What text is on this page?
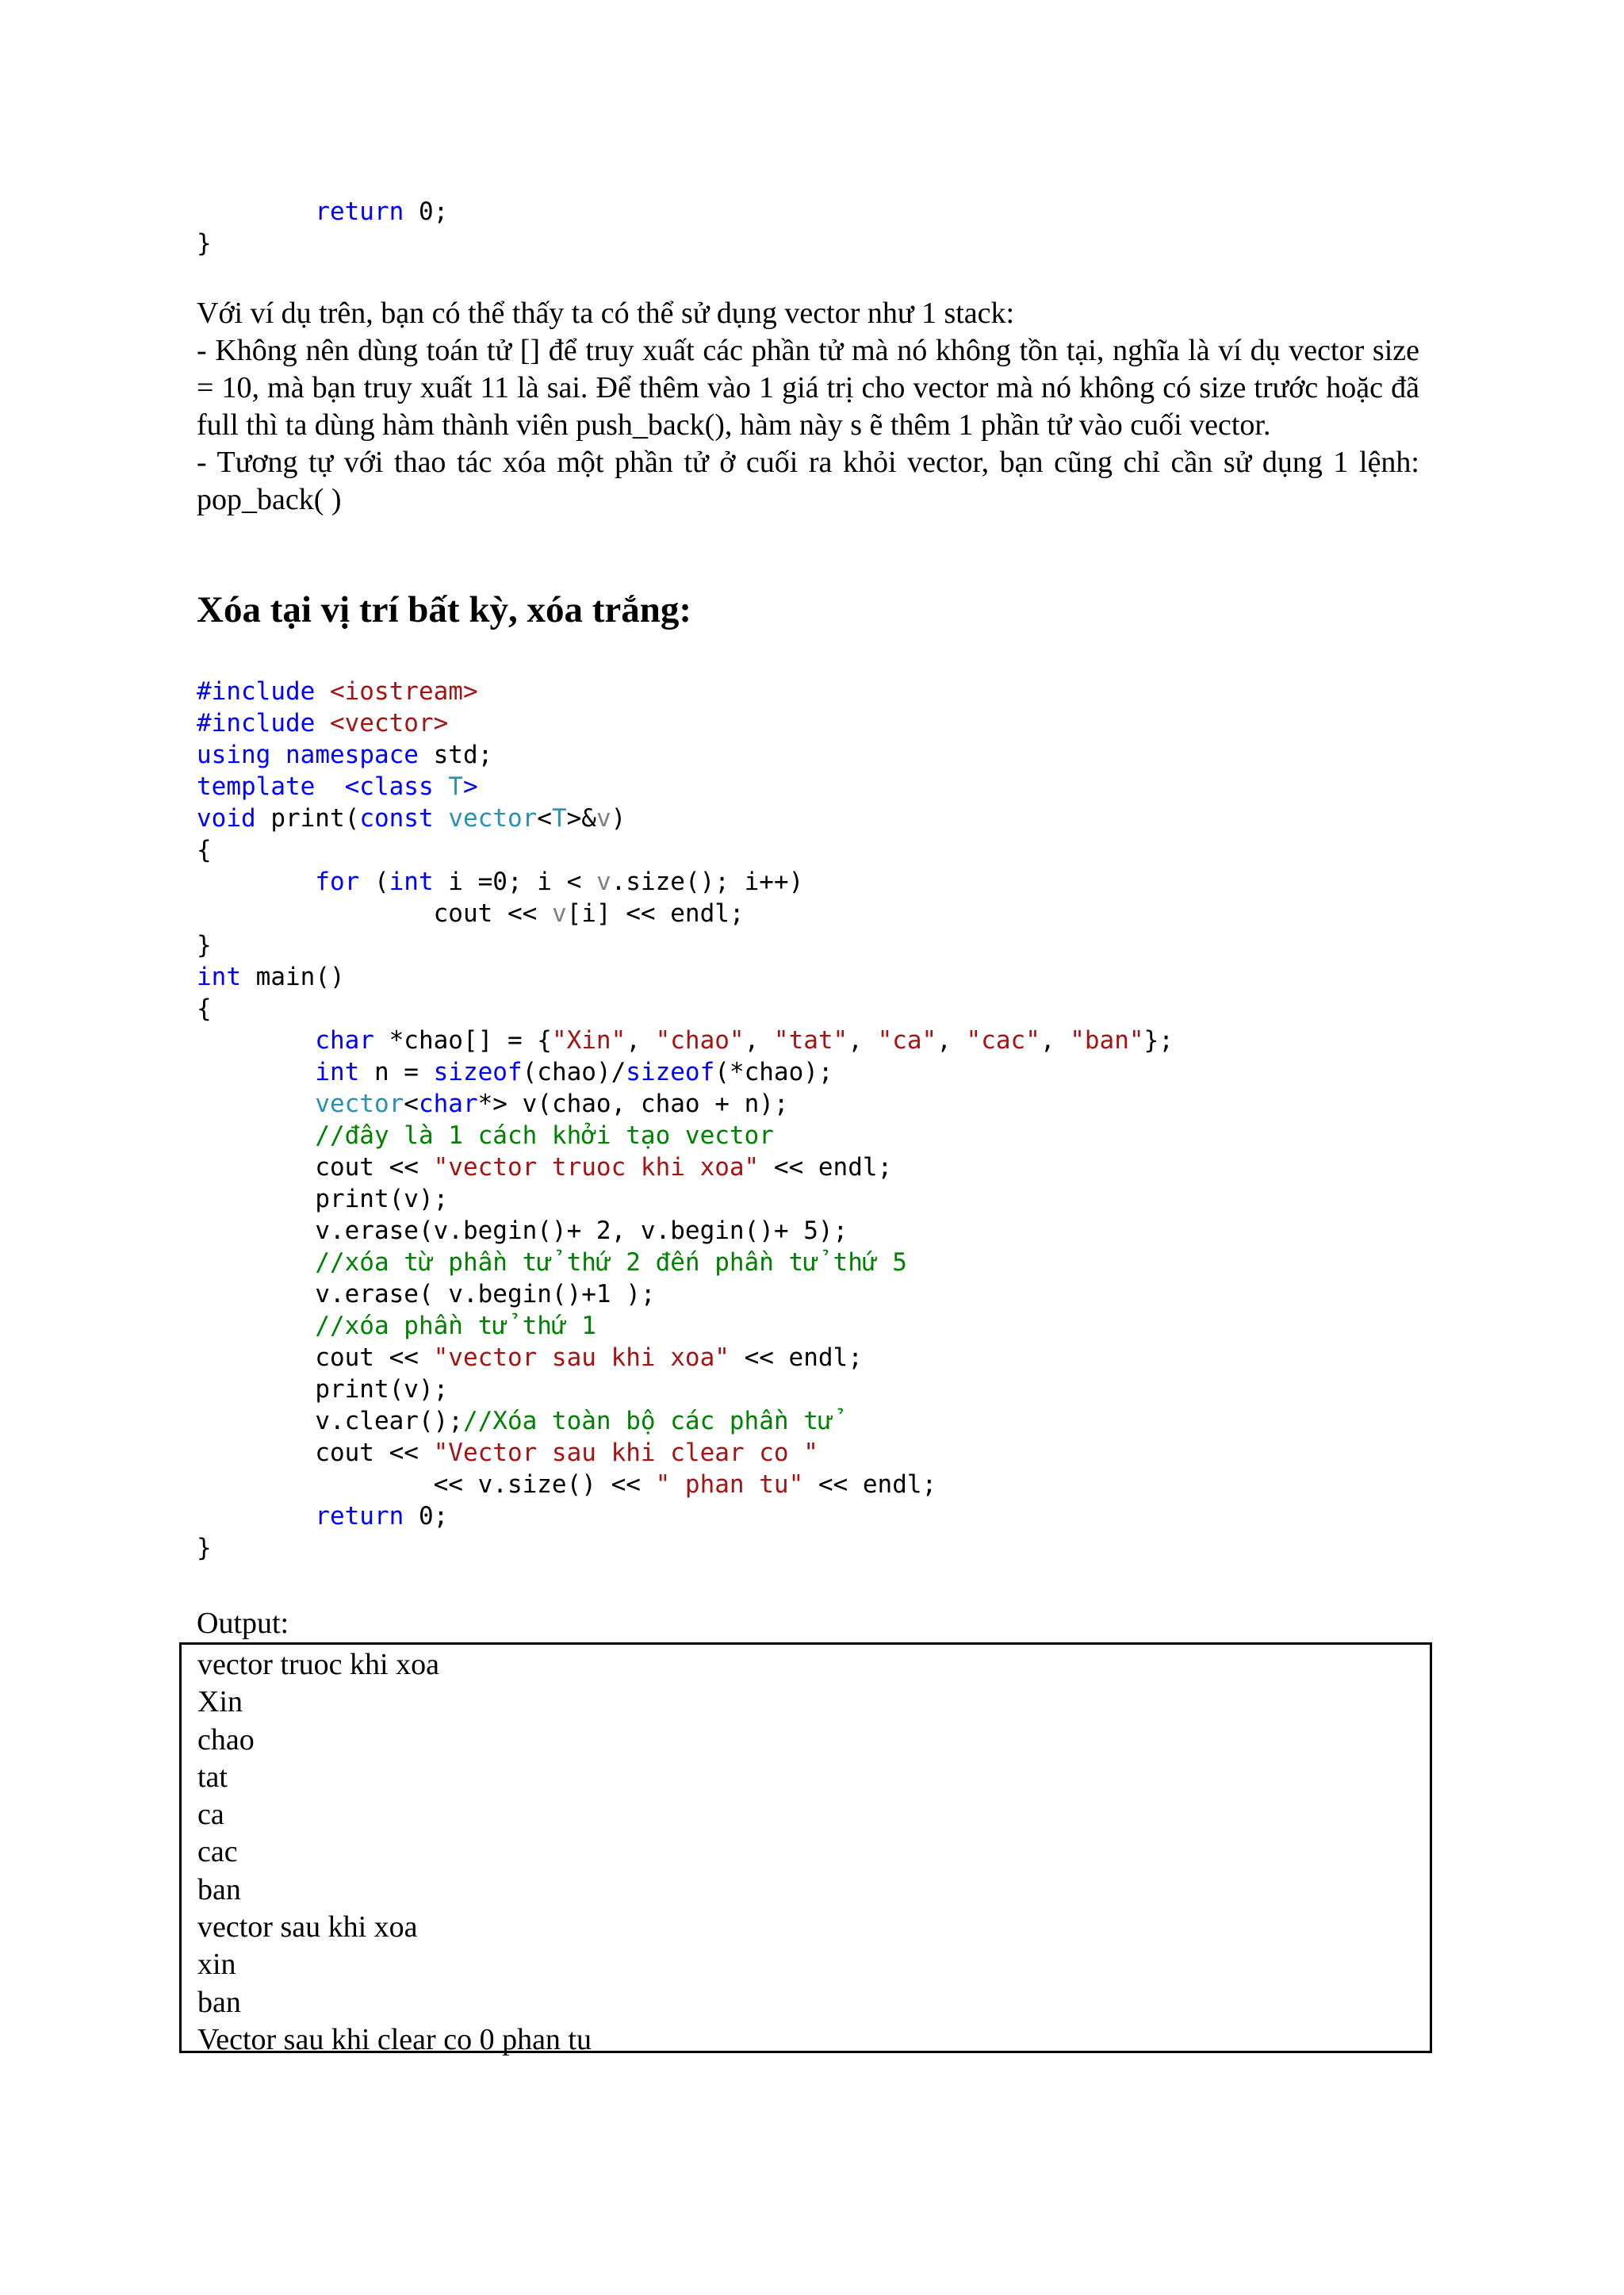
return 0;
}

Với ví dụ trên, bạn có thể thấy ta có thể sử dụng vector như 1 stack:

- Không nên dùng toán tử [] để truy xuất các phần tử mà nó không tồn tại, nghĩa là ví dụ vector size = 10, mà bạn truy xuất 11 là sai. Để thêm vào 1 giá trị cho vector mà nó không có size trước hoặc đã full thì ta dùng hàm thành viên push_back(), hàm này s ẽ thêm 1 phần tử vào cuối vector.

- Tương tự với thao tác xóa một phần tử ở cuối ra khỏi vector, bạn cũng chỉ cần sử dụng 1 lệnh: pop_back( )

Xóa tại vị trí bất kỳ, xóa trắng:
#include <iostream>
#include <vector>
using namespace std;
template <class T>
void print(const vector<T>&v)
{
for (int i =0; i < v.size(); i++)
cout << v[i] << endl;
}
int main()
{
char *chao[] = {"Xin", "chao", "tat", "ca", "cac", "ban"};
int n = sizeof(chao)/sizeof(*chao);
vector<char*> v(chao, chao + n);
//đây là 1 cách khởi tạo vector
cout << "vector truoc khi xoa" << endl;
print(v);
v.erase(v.begin()+ 2, v.begin()+ 5);
//xóa từ phần tử thứ 2 đến phần tử thứ 5
v.erase( v.begin()+1 );
//xóa phần tử thứ 1
cout << "vector sau khi xoa" << endl;
print(v);
v.clear();//Xóa toàn bộ các phần tử
cout << "Vector sau khi clear co "
<< v.size() << " phan tu" << endl;
return 0;
}

Output:

vector truoc khi xoa
Xin
chao
tat
ca
cac
ban
vector sau khi xoa
xin
ban
Vector sau khi clear co 0 phan tu
